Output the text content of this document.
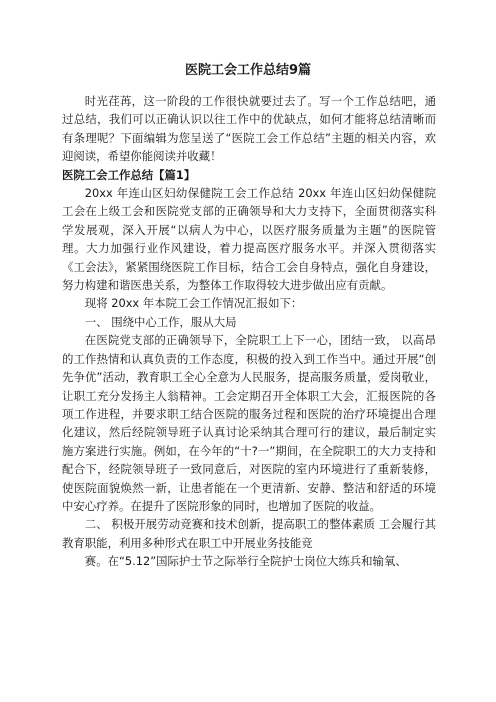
医院工会工作总结9篇

时光荏苒，这一阶段的工作很快就要过去了。写一个工作总结吧，通过总结，我们可以正确认识以往工作中的优缺点，如何才能将总结清晰而有条理呢？下面编辑为您呈送了“医院工会工作总结”主题的相关内容，欢迎阅读，希望你能阅读并收藏！

医院工会工作总结【篇1】

20xx 年连山区妇幼保健院工会工作总结 20xx 年连山区妇幼保健院工会在上级工会和医院党支部的正确领导和大力支持下，全面贯彻落实科学发展观，深入开展“以病人为中心，以医疗服务质量为主题”的医院管理。大力加强行业作风建设，着力提高医疗服务水平。并深入贯彻落实《工会法》，紧紧围绕医院工作目标，结合工会自身特点，强化自身建设，努力构建和谐医患关系，为整体工作取得较大进步做出应有贡献。

现将 20xx 年本院工会工作情况汇报如下：

一、 围绕中心工作，服从大局

在医院党支部的正确领导下，全院职工上下一心，团结一致， 以高昂的工作热情和认真负责的工作态度，积极的投入到工作当中。通过开展“创先争优”活动，教育职工全心全意为人民服务，提高服务质量，爱岗敬业，让职工充分发扬主人翁精神。工会定期召开全体职工大会，汇报医院的各项工作进程，并要求职工结合医院的服务过程和医院的治疗环境提出合理化建议，然后经院领导班子认真讨论采纳其合理可行的建议，最后制定实施方案进行实施。例如，在今年的“十?一”期间，在全院职工的大力支持和配合下，经院领导班子一致同意后，对医院的室内环境进行了重新装修，使医院面貌焕然一新，让患者能在一个更清新、安静、整洁和舒适的环境中安心疗养。在提升了医院形象的同时，也增加了医院的收益。

二、 积极开展劳动竞赛和技术创新，提高职工的整体素质 工会履行其教育职能，利用多种形式在职工中开展业务技能竞

赛。在“5.12”国际护士节之际举行全院护士岗位大练兵和输氧、
